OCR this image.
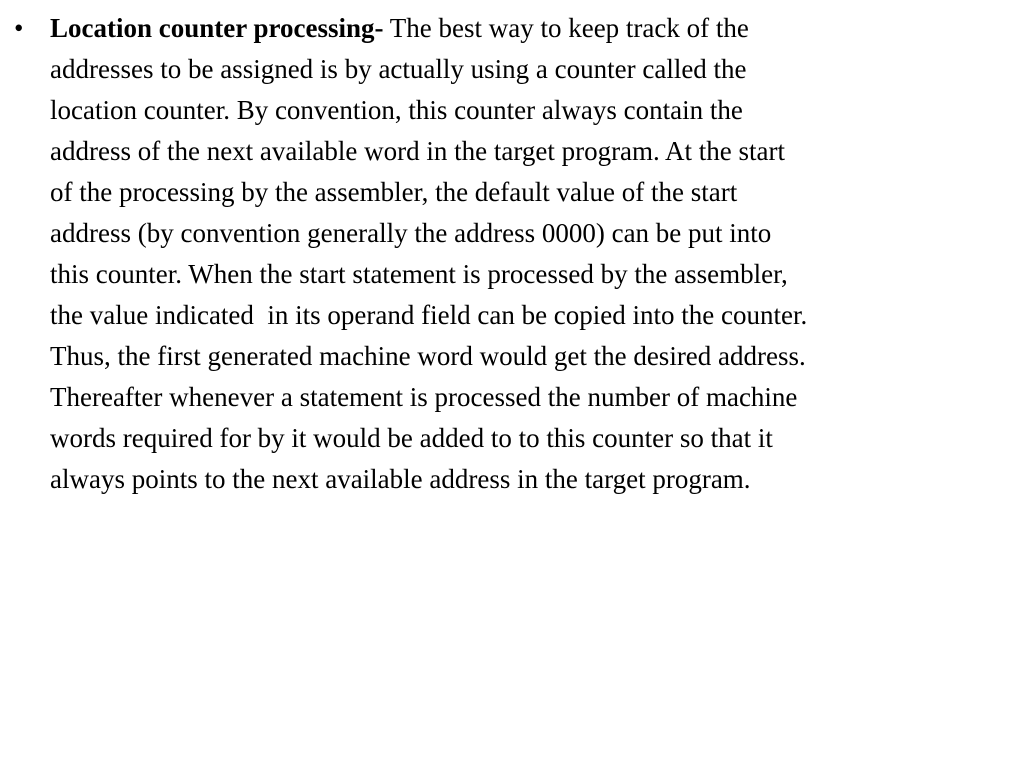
• Location counter processing- The best way to keep track of the
addresses to be assigned is by actually using a counter called the
location counter. By convention, this counter always contain the
address of the next available word in the target program. At the start
of the processing by the assembler, the default value of the start
address (by convention generally the address 0000) can be put into
this counter. When the start statement is processed by the assembler,
the value indicated  in its operand field can be copied into the counter.
Thus, the first generated machine word would get the desired address.
Thereafter whenever a statement is processed the number of machine
words required for by it would be added to to this counter so that it
always points to the next available address in the target program.
